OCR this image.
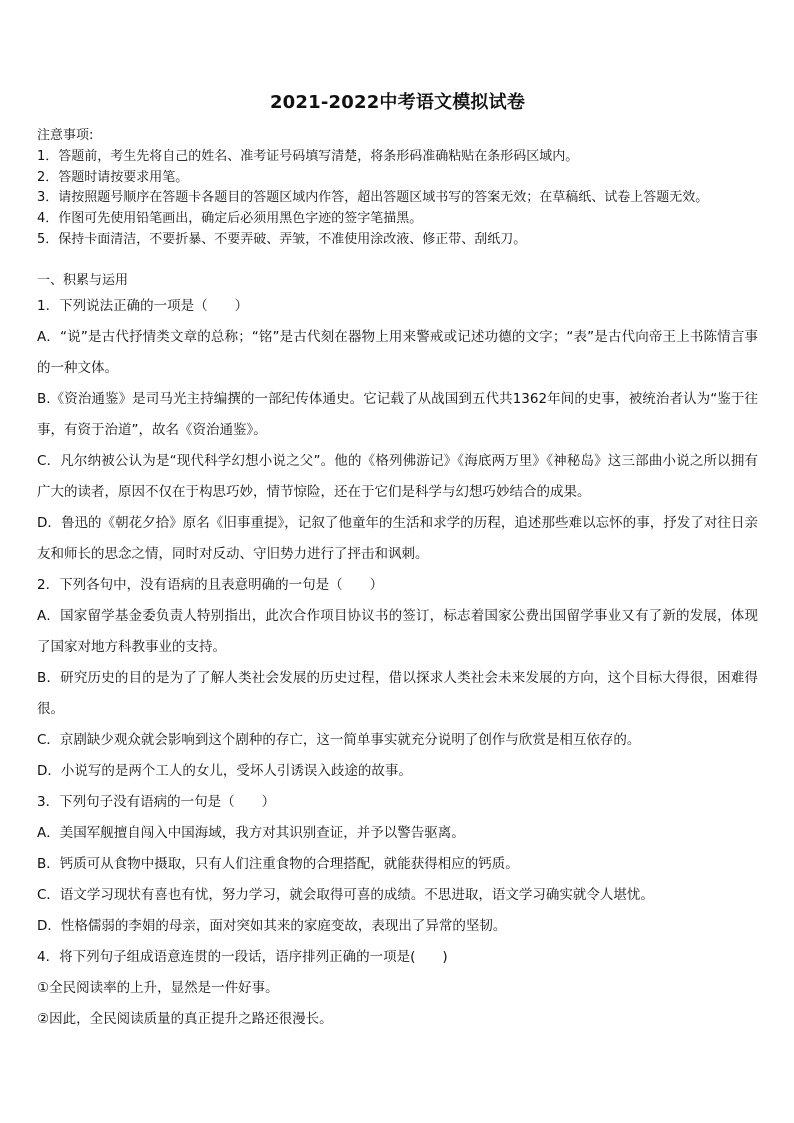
2021-2022中考语文模拟试卷
注意事项:
1．答题前，考生先将自己的姓名、准考证号码填写清楚，将条形码准确粘贴在条形码区域内。
2．答题时请按要求用笔。
3．请按照题号顺序在答题卡各题目的答题区域内作答，超出答题区域书写的答案无效；在草稿纸、试卷上答题无效。
4．作图可先使用铅笔画出，确定后必须用黑色字迹的签字笔描黑。
5．保持卡面清洁，不要折暴、不要弄破、弄皱，不准使用涂改液、修正带、刮纸刀。
一、积累与运用

1．下列说法正确的一项是（　　）

A．“说”是古代抒情类文章的总称；“铭”是古代刻在器物上用来警戒或记述功德的文字；“表”是古代向帝王上书陈情言事的一种文体。

B.《资治通鉴》是司马光主持编撰的一部纪传体通史。它记载了从战国到五代共1362年间的史事，被统治者认为“鉴于往事，有资于治道”，故名《资治通鉴》。

C．凡尔纳被公认为是“现代科学幻想小说之父”。他的《格列佛游记》《海底两万里》《神秘岛》这三部曲小说之所以拥有广大的读者，原因不仅在于构思巧妙，情节惊险，还在于它们是科学与幻想巧妙结合的成果。

D．鲁迅的《朝花夕拾》原名《旧事重提》，记叙了他童年的生活和求学的历程，追述那些难以忘怀的事，抒发了对往日亲友和师长的思念之情，同时对反动、守旧势力进行了抨击和讽刺。

2．下列各句中，没有语病的且表意明确的一句是（　　）

A．国家留学基金委负责人特别指出，此次合作项目协议书的签订，标志着国家公费出国留学事业又有了新的发展，体现了国家对地方科教事业的支持。

B．研究历史的目的是为了了解人类社会发展的历史过程，借以探求人类社会未来发展的方向，这个目标大得很，困难得很。

C．京剧缺少观众就会影响到这个剧种的存亡，这一简单事实就充分说明了创作与欣赏是相互依存的。

D．小说写的是两个工人的女儿，受坏人引诱误入歧途的故事。

3．下列句子没有语病的一句是（　　）

A．美国军舰擅自闯入中国海域，我方对其识别查证，并予以警告驱离。

B．钙质可从食物中摄取，只有人们注重食物的合理搭配，就能获得相应的钙质。

C．语文学习现状有喜也有忧，努力学习，就会取得可喜的成绩。不思进取，语文学习确实就令人堪忧。

D．性格儒弱的李娟的母亲，面对突如其来的家庭变故，表现出了异常的坚韧。

4．将下列句子组成语意连贯的一段话，语序排列正确的一项是(　　)

①全民阅读率的上升，显然是一件好事。

②因此，全民阅读质量的真正提升之路还很漫长。
